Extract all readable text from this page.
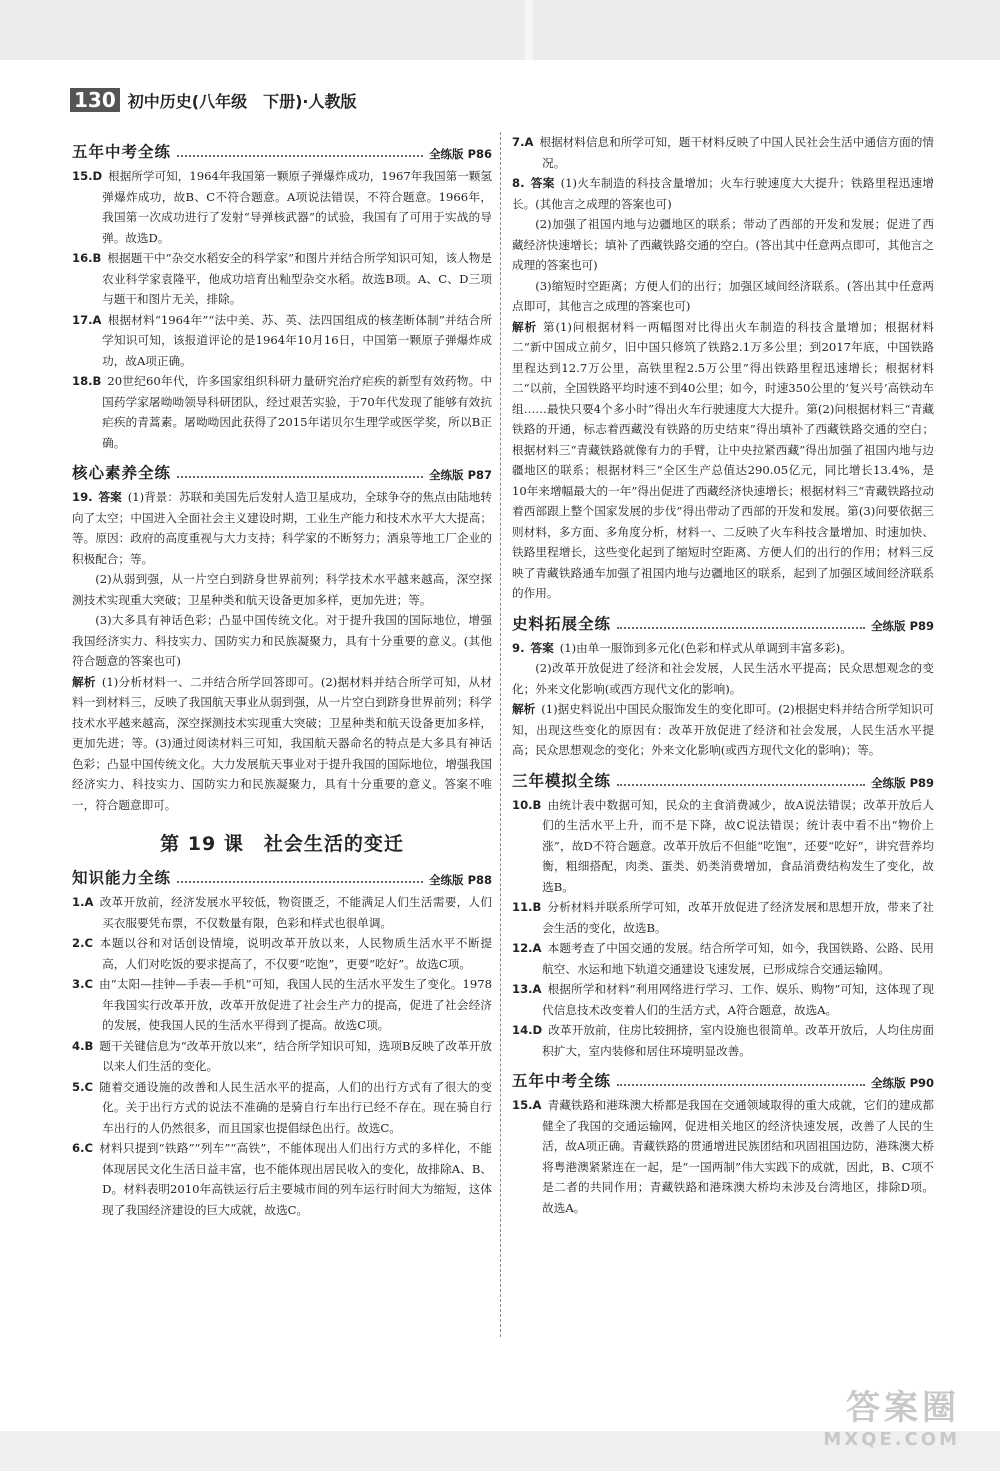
130 初中历史(八年级　下册)·人教版
五年中考全练	全练版 P86

15.D 根据所学可知，1964年我国第一颗原子弹爆炸成功，1967年我国第一颗氢弹爆炸成功，故B、C不符合题意。A项说法错误，不符合题意。1966年，我国第一次成功进行了发射“导弹核武器”的试验，我国有了可用于实战的导弹。故选D。

16.B 根据题干中“杂交水稻安全的科学家”和图片并结合所学知识可知，该人物是农业科学家袁隆平，他成功培育出籼型杂交水稻。故选B项。A、C、D三项与题干和图片无关，排除。

17.A 根据材料“1964年”“法中美、苏、英、法四国组成的核垄断体制”并结合所学知识可知，该报道评论的是1964年10月16日，中国第一颗原子弹爆炸成功，故A项正确。

18.B 20世纪60年代，许多国家组织科研力量研究治疗疟疾的新型有效药物。中国药学家屠呦呦领导科研团队，经过艰苦实验，于70年代发现了能够有效抗疟疾的青蒿素。屠呦呦因此获得了2015年诺贝尔生理学或医学奖，所以B正确。

核心素养全练	全练版 P87

19. 答案 (1)背景：苏联和美国先后发射人造卫星成功，全球争夺的焦点由陆地转向了太空；中国进入全面社会主义建设时期，工业生产能力和技术水平大大提高；等。原因：政府的高度重视与大力支持；科学家的不断努力；酒泉等地工厂企业的积极配合；等。

(2)从弱到强，从一片空白到跻身世界前列；科学技术水平越来越高，深空探测技术实现重大突破；卫星种类和航天设备更加多样，更加先进；等。

(3)大多具有神话色彩；凸显中国传统文化。对于提升我国的国际地位，增强我国经济实力、科技实力、国防实力和民族凝聚力，具有十分重要的意义。(其他符合题意的答案也可)

解析 (1)分析材料一、二并结合所学回答即可。(2)据材料并结合所学可知，从材料一到材料三，反映了我国航天事业从弱到强，从一片空白到跻身世界前列；科学技术水平越来越高，深空探测技术实现重大突破；卫星种类和航天设备更加多样，更加先进；等。(3)通过阅读材料三可知，我国航天器命名的特点是大多具有神话色彩；凸显中国传统文化。大力发展航天事业对于提升我国的国际地位，增强我国经济实力、科技实力、国防实力和民族凝聚力，具有十分重要的意义。答案不唯一，符合题意即可。

第 19 课　社会生活的变迁
知识能力全练	全练版 P88

1.A 改革开放前，经济发展水平较低，物资匮乏，不能满足人们生活需要，人们买衣服要凭布票，不仅数量有限，色彩和样式也很单调。

2.C 本题以谷和对话创设情境，说明改革开放以来，人民物质生活水平不断提高，人们对吃饭的要求提高了，不仅要“吃饱”，更要“吃好”。故选C项。

3.C 由“太阳—挂钟—手表—手机”可知，我国人民的生活水平发生了变化。1978年我国实行改革开放，改革开放促进了社会生产力的提高，促进了社会经济的发展，使我国人民的生活水平得到了提高。故选C项。

4.B 题干关键信息为“改革开放以来”，结合所学知识可知，选项B反映了改革开放以来人们生活的变化。

5.C 随着交通设施的改善和人民生活水平的提高，人们的出行方式有了很大的变化。关于出行方式的说法不准确的是骑自行车出行已经不存在。现在骑自行车出行的人仍然很多，而且国家也提倡绿色出行。故选C。

6.C 材料只提到“铁路”“列车”“高铁”，不能体现出人们出行方式的多样化，不能体现居民文化生活日益丰富，也不能体现出居民收入的变化，故排除A、B、D。材料表明2010年高铁运行后主要城市间的列车运行时间大为缩短，这体现了我国经济建设的巨大成就，故选C。

7.A 根据材料信息和所学可知，题干材料反映了中国人民社会生活中通信方面的情况。

8. 答案 (1)火车制造的科技含量增加；火车行驶速度大大提升；铁路里程迅速增长。(其他言之成理的答案也可)

(2)加强了祖国内地与边疆地区的联系；带动了西部的开发和发展；促进了西藏经济快速增长；填补了西藏铁路交通的空白。(答出其中任意两点即可，其他言之成理的答案也可)

(3)缩短时空距离；方便人们的出行；加强区域间经济联系。(答出其中任意两点即可，其他言之成理的答案也可)

解析 第(1)问根据材料一两幅图对比得出火车制造的科技含量增加；根据材料二“新中国成立前夕，旧中国只修筑了铁路2.1万多公里；到2017年底，中国铁路里程达到12.7万公里，高铁里程2.5万公里”得出铁路里程迅速增长；根据材料二“以前，全国铁路平均时速不到40公里；如今，时速350公里的‘复兴号’高铁动车组……最快只要4个多小时”得出火车行驶速度大大提升。第(2)问根据材料三“青藏铁路的开通，标志着西藏没有铁路的历史结束”得出填补了西藏铁路交通的空白；根据材料三“青藏铁路就像有力的手臂，让中央拉紧西藏”得出加强了祖国内地与边疆地区的联系；根据材料三“全区生产总值达290.05亿元，同比增长13.4%，是10年来增幅最大的一年”得出促进了西藏经济快速增长；根据材料三“青藏铁路拉动着西部跟上整个国家发展的步伐”得出带动了西部的开发和发展。第(3)问要依据三则材料，多方面、多角度分析，材料一、二反映了火车科技含量增加、时速加快、铁路里程增长，这些变化起到了缩短时空距离、方便人们的出行的作用；材料三反映了青藏铁路通车加强了祖国内地与边疆地区的联系，起到了加强区域间经济联系的作用。

史料拓展全练	全练版 P89

9. 答案 (1)由单一服饰到多元化(色彩和样式从单调到丰富多彩)。

(2)改革开放促进了经济和社会发展，人民生活水平提高；民众思想观念的变化；外来文化影响(或西方现代文化的影响)。

解析 (1)据史料说出中国民众服饰发生的变化即可。(2)根据史料并结合所学知识可知，出现这些变化的原因有：改革开放促进了经济和社会发展，人民生活水平提高；民众思想观念的变化；外来文化影响(或西方现代文化的影响)；等。

三年模拟全练	全练版 P89

10.B 由统计表中数据可知，民众的主食消费减少，故A说法错误；改革开放后人们的生活水平上升，而不是下降，故C说法错误；统计表中看不出“物价上涨”，故D不符合题意。改革开放后不但能“吃饱”，还要“吃好”，讲究营养均衡，粗细搭配，肉类、蛋类、奶类消费增加，食品消费结构发生了变化，故选B。

11.B 分析材料并联系所学可知，改革开放促进了经济发展和思想开放，带来了社会生活的变化，故选B。

12.A 本题考查了中国交通的发展。结合所学可知，如今，我国铁路、公路、民用航空、水运和地下轨道交通建设飞速发展，已形成综合交通运输网。

13.A 根据所学和材料“利用网络进行学习、工作、娱乐、购物”可知，这体现了现代信息技术改变着人们的生活方式，A符合题意，故选A。

14.D 改革开放前，住房比较拥挤，室内设施也很简单。改革开放后，人均住房面积扩大，室内装修和居住环境明显改善。

五年中考全练	全练版 P90

15.A 青藏铁路和港珠澳大桥都是我国在交通领域取得的重大成就，它们的建成都健全了我国的交通运输网，促进相关地区的经济快速发展，改善了人民的生活，故A项正确。青藏铁路的贯通增进民族团结和巩固祖国边防，港珠澳大桥将粤港澳紧紧连在一起，是“一国两制”伟大实践下的成就，因此，B、C项不是二者的共同作用；青藏铁路和港珠澳大桥均未涉及台湾地区，排除D项。故选A。

答案圈
MXQE.COM
